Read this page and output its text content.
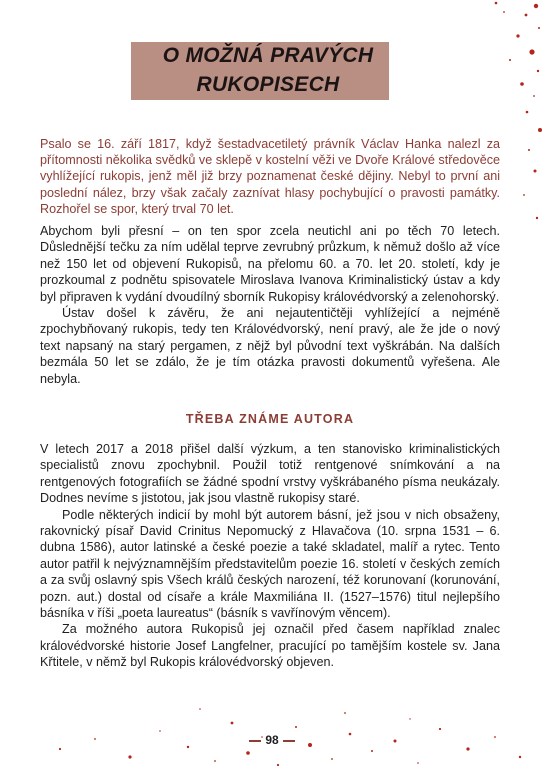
O MOŽNÁ PRAVÝCH RUKOPISECH

Psalo se 16. září 1817, když šestadvacetiletý právník Václav Hanka nalezl za přítomnosti několika svědků ve sklepě v kostelní věži ve Dvoře Králové středověce vyhlížející rukopis, jenž měl již brzy poznamenat české dějiny. Nebyl to první ani poslední nález, brzy však začaly zaznívat hlasy pochybující o pravosti památky. Rozhořel se spor, který trval 70 let.

Abychom byli přesní – on ten spor zcela neutichl ani po těch 70 letech. Důslednější tečku za ním udělal teprve zevrubný průzkum, k němuž došlo až více než 150 let od objevení Rukopisů, na přelomu 60. a 70. let 20. století, kdy je prozkoumal z podnětu spisovatele Miroslava Ivanova Kriminalistický ústav a kdy byl připraven k vydání dvoudílný sborník Rukopisy královédvorský a zelenohorský.

Ústav došel k závěru, že ani nejautentičtěji vyhlížející a nejméně zpochybňovaný rukopis, tedy ten Královédvorský, není pravý, ale že jde o nový text napsaný na starý pergamen, z nějž byl původní text vyškrábán. Na dalších bezmála 50 let se zdálo, že je tím otázka pravosti dokumentů vyřešena. Ale nebyla.

TŘEBA ZNÁME AUTORA

V letech 2017 a 2018 přišel další výzkum, a ten stanovisko kriminalistických specialistů znovu zpochybnil. Použil totiž rentgenové snímkování a na rentgenových fotografiích se žádné spodní vrstvy vyškrábaného písma neukázaly. Dodnes nevíme s jistotou, jak jsou vlastně rukopisy staré.

Podle některých indicií by mohl být autorem básní, jež jsou v nich obsaženy, rakovnický písař David Crinitus Nepomucký z Hlavačova (10. srpna 1531 – 6. dubna 1586), autor latinské a české poezie a také skladatel, malíř a rytec. Tento autor patřil k nejvýznamnějším představitelům poezie 16. století v českých zemích a za svůj oslavný spis Všech králů českých narození, též korunovaní (korunování, pozn. aut.) dostal od císaře a krále Maxmiliána II. (1527–1576) titul nejlepšího básníka v říši „poeta laureatus“ (básník s vavřínovým věncem).

Za možného autora Rukopisů jej označil před časem například znalec královédvorské historie Josef Langfelner, pracující po tamějším kostele sv. Jana Křtitele, v němž byl Rukopis královédvorský objeven.

98
